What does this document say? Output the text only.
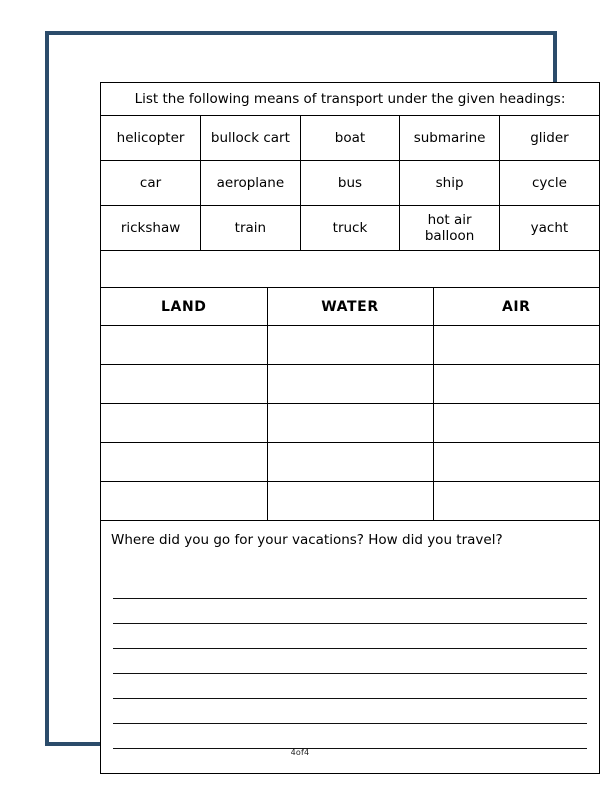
List the following means of transport under the given headings:
helicopter	bullock cart	boat	submarine	glider
car	aeroplane	bus	ship	cycle
rickshaw	train	truck	hot air balloon	yacht
LAND	WATER	AIR

Where did you go for your vacations? How did you travel?

4of4
